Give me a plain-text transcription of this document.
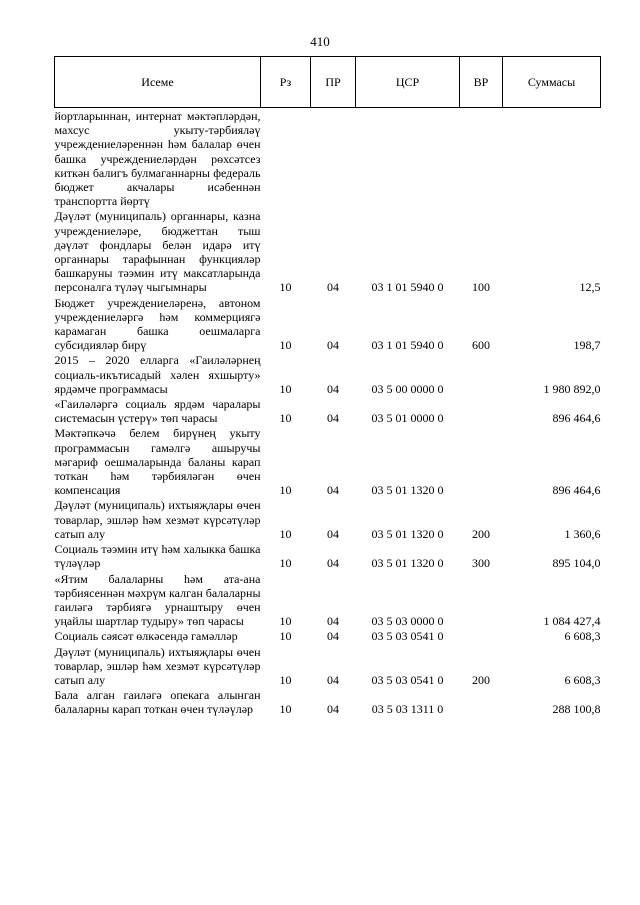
410
Исеме	Рз	ПР	ЦСР	ВР	Суммасы
йортларыннан, интернат мәктәпләрдән, махсус укыту-тәрбияләү учреждениеләреннән һәм балалар өчен башка учреждениеләрдән рөхсәтсез киткән балигъ булмаганнарны федераль бюджет акчалары исәбеннән транспортта йөртү					
Дәүләт (муниципаль) органнары, казна учреждениеләре, бюджеттан тыш дәүләт фондлары белән идарә итү органнары тарафыннан функцияләр башкаруны тәэмин итү максатларында персоналга түләү чыгымнары	10	04	03 1 01 5940 0	100	12,5
Бюджет учреждениеләренә, автоном учреждениеләргә һәм коммерциягә карамаган башка оешмаларга субсидияләр бирү	10	04	03 1 01 5940 0	600	198,7
2015 – 2020 елларга «Гаиләләрнең социаль-икътисадый хәлен яхшырту» ярдәмче программасы	10	04	03 5 00 0000 0		1 980 892,0
«Гаиләләргә социаль ярдәм чаралары системасын үстерү» төп чарасы	10	04	03 5 01 0000 0		896 464,6
Мәктәпкәчә белем бирүнең укыту программасын гамәлгә ашыручы мәгариф оешмаларында баланы карап тоткан һәм тәрбияләгән өчен компенсация	10	04	03 5 01 1320 0		896 464,6
Дәүләт (муниципаль) ихтыяҗлары өчен товарлар, эшләр һәм хезмәт күрсәтүләр сатып алу	10	04	03 5 01 1320 0	200	1 360,6
Социаль тәэмин итү һәм халыкка башка түләүләр	10	04	03 5 01 1320 0	300	895 104,0
«Ятим балаларны һәм ата-ана тәрбиясеннән мәхрүм калган балаларны гаиләгә тәрбиягә урнаштыру өчен уңайлы шартлар тудыру» төп чарасы	10	04	03 5 03 0000 0		1 084 427,4
Социаль сәясәт өлкәсендә гамәлләр	10	04	03 5 03 0541 0		6 608,3
Дәүләт (муниципаль) ихтыяҗлары өчен товарлар, эшләр һәм хезмәт күрсәтүләр сатып алу	10	04	03 5 03 0541 0	200	6 608,3
Бала алган гаиләгә опекага алынган балаларны карап тоткан өчен түләүләр	10	04	03 5 03 1311 0		288 100,8
